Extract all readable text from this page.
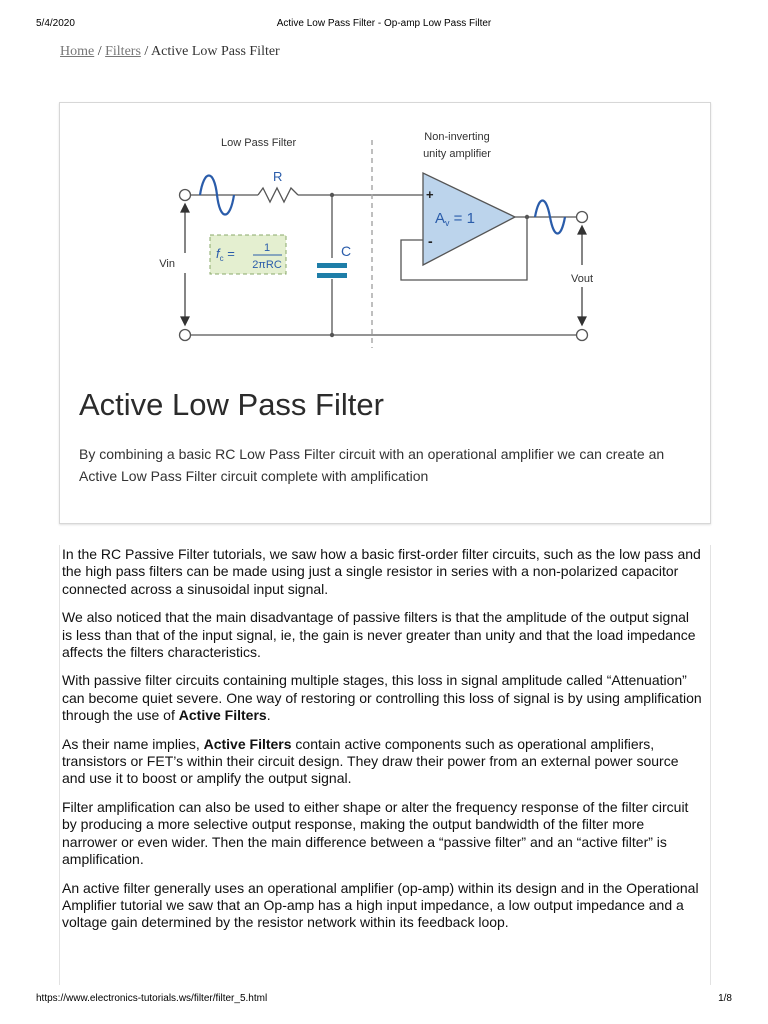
5/4/2020	Active Low Pass Filter - Op-amp Low Pass Filter
Home / Filters / Active Low Pass Filter
Low Pass Filter	Non-inverting
unity amplifier
R
C
+
-
$A_v = 1$
Vin
Vout
$f_c$ =	1
2πRC
Active Low Pass Filter

By combining a basic RC Low Pass Filter circuit with an operational amplifier we can create an Active Low Pass Filter circuit complete with amplification

In the RC Passive Filter tutorials, we saw how a basic first-order filter circuits, such as the low pass and the high pass filters can be made using just a single resistor in series with a non-polarized capacitor connected across a sinusoidal input signal.

We also noticed that the main disadvantage of passive filters is that the amplitude of the output signal is less than that of the input signal, ie, the gain is never greater than unity and that the load impedance affects the filters characteristics.

With passive filter circuits containing multiple stages, this loss in signal amplitude called “Attenuation” can become quiet severe. One way of restoring or controlling this loss of signal is by using amplification through the use of Active Filters.

As their name implies, Active Filters contain active components such as operational amplifiers, transistors or FET’s within their circuit design. They draw their power from an external power source and use it to boost or amplify the output signal.

Filter amplification can also be used to either shape or alter the frequency response of the filter circuit by producing a more selective output response, making the output bandwidth of the filter more narrower or even wider. Then the main difference between a “passive filter” and an “active filter” is amplification.

An active filter generally uses an operational amplifier (op-amp) within its design and in the Operational Amplifier tutorial we saw that an Op-amp has a high input impedance, a low output impedance and a voltage gain determined by the resistor network within its feedback loop.

https://www.electronics-tutorials.ws/filter/filter_5.html	1/8
